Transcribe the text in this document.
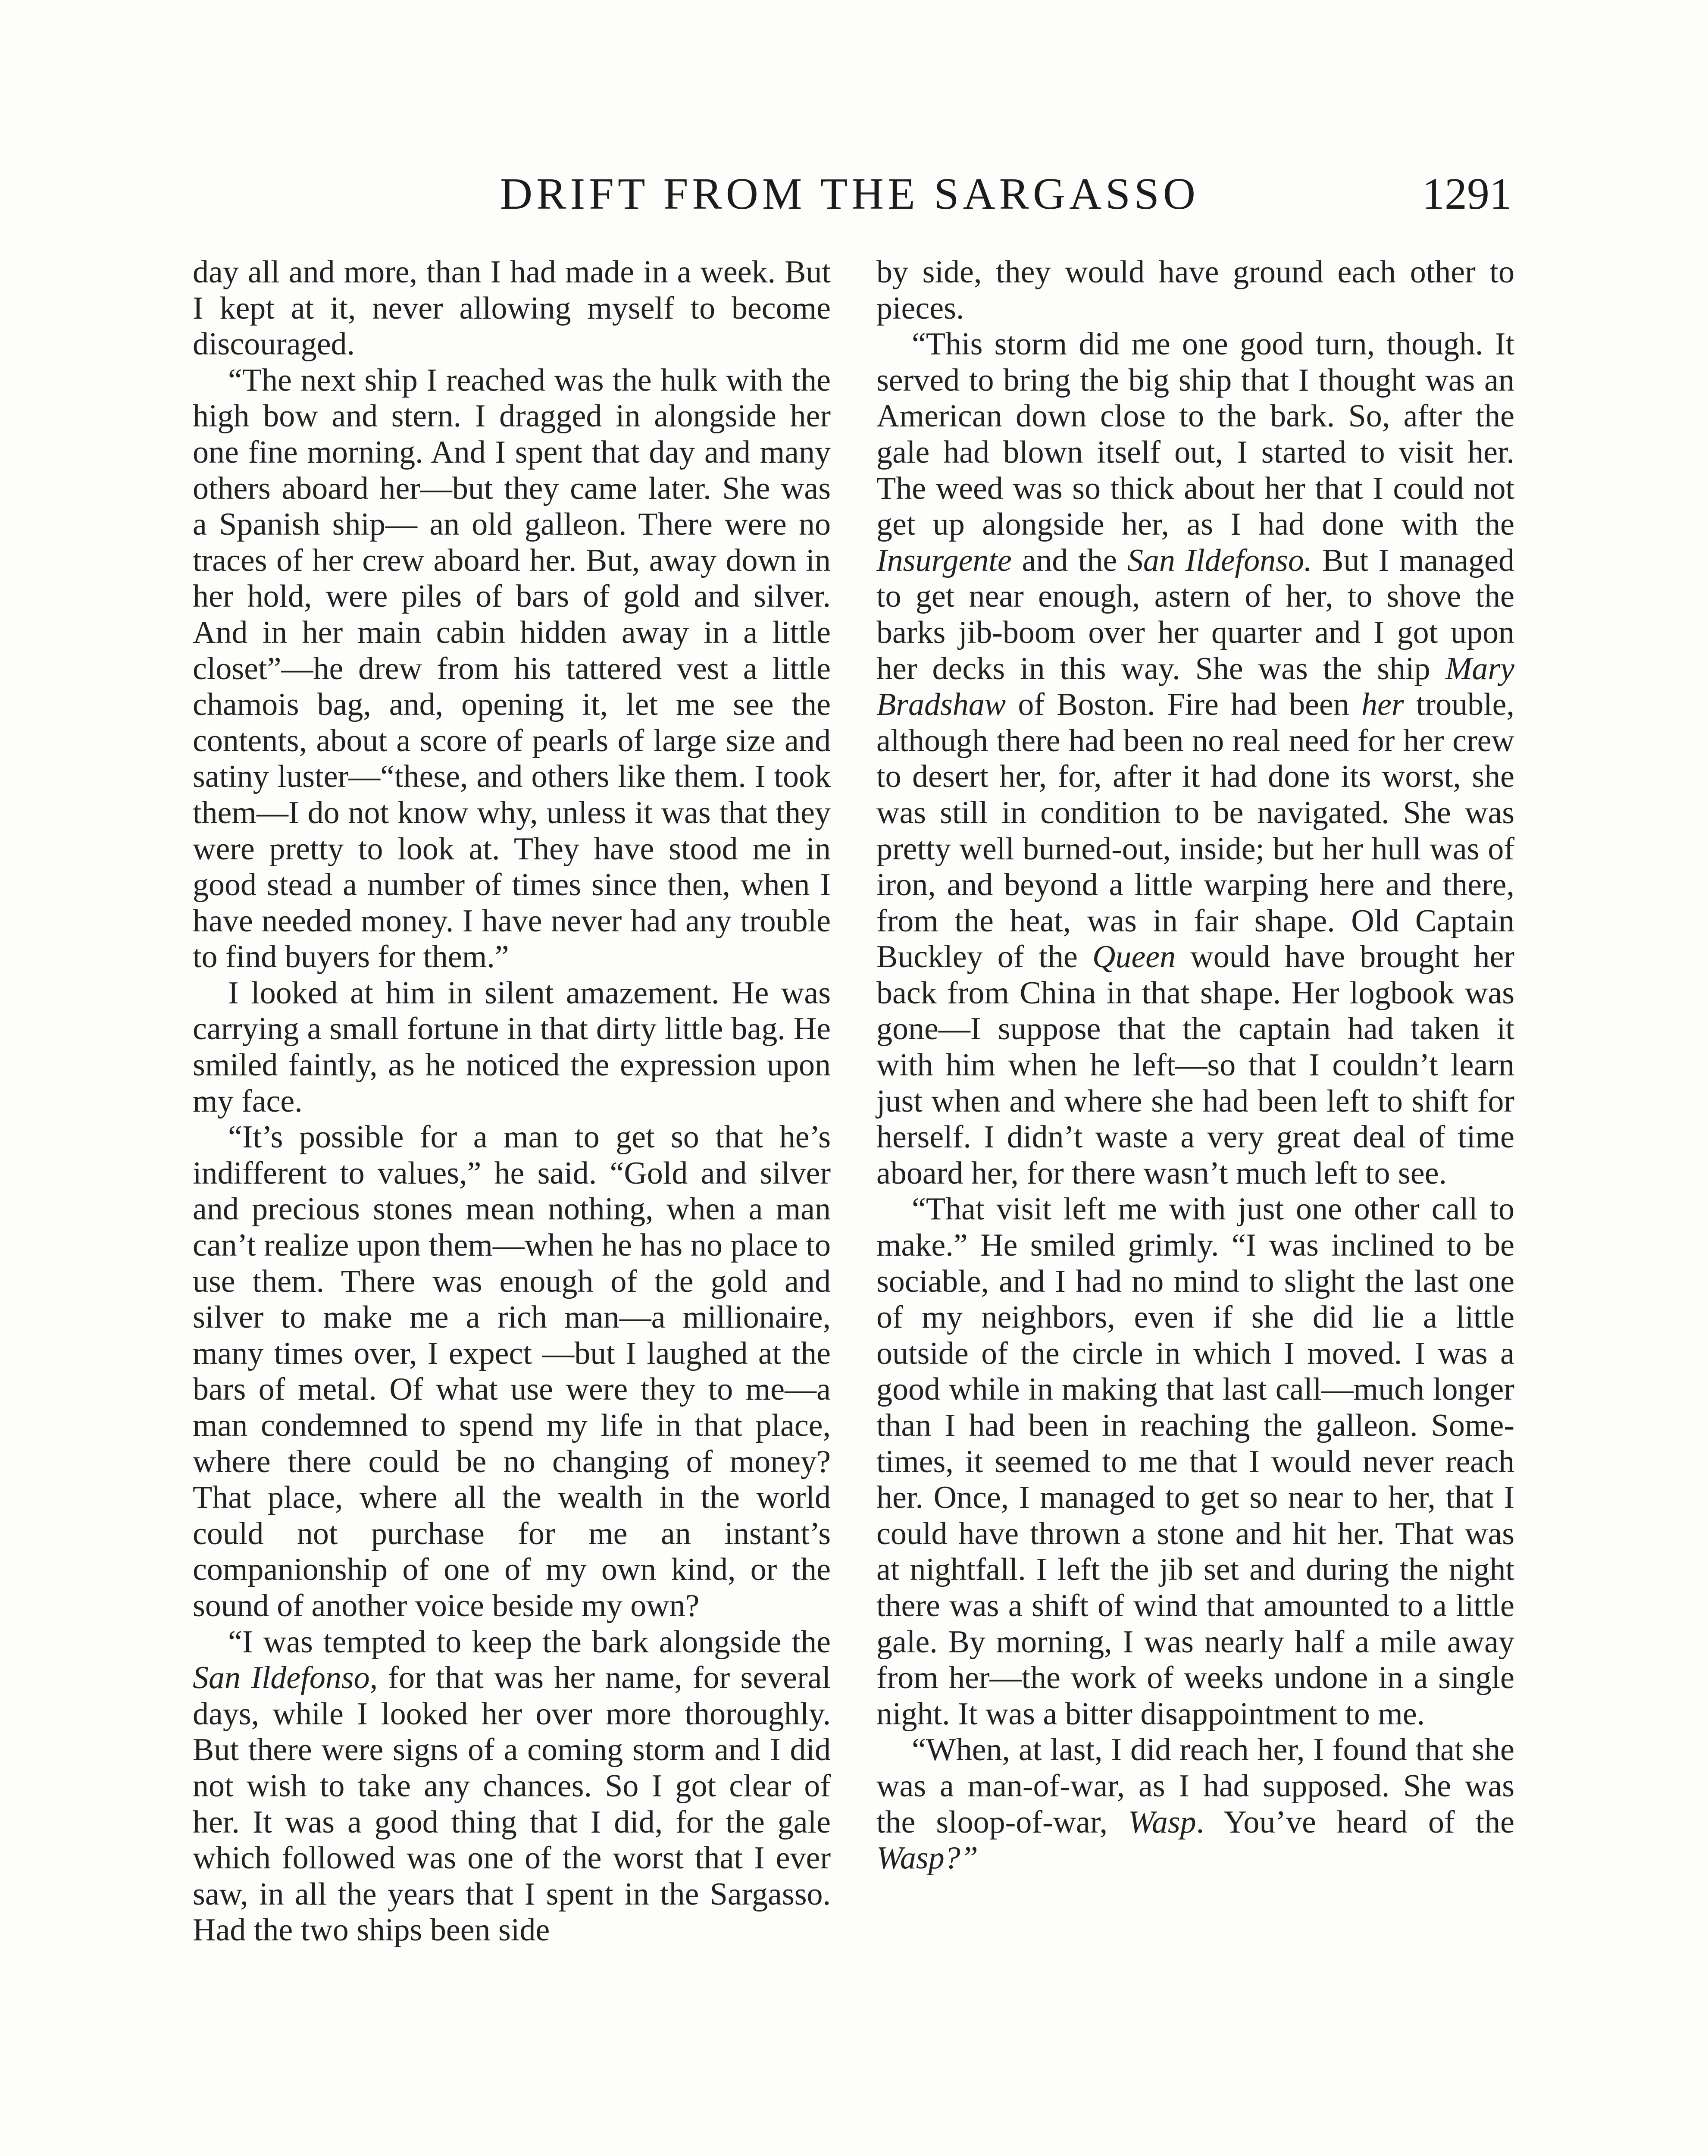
DRIFT FROM THE SARGASSO	1291

day all and more, than I had made in a week. But I kept at it, never allowing myself to become discouraged.

“The next ship I reached was the hulk with the high bow and stern. I dragged in alongside her one fine morning. And I spent that day and many others aboard her—but they came later. She was a Spanish ship— an old galleon. There were no traces of her crew aboard her. But, away down in her hold, were piles of bars of gold and silver. And in her main cabin hidden away in a little closet”—he drew from his tattered vest a little chamois bag, and, opening it, let me see the contents, about a score of pearls of large size and satiny luster—“these, and others like them. I took them—I do not know why, unless it was that they were pretty to look at. They have stood me in good stead a number of times since then, when I have needed money. I have never had any trouble to find buyers for them.”

I looked at him in silent amazement. He was carrying a small fortune in that dirty little bag. He smiled faintly, as he noticed the expression upon my face.

“It’s possible for a man to get so that he’s indifferent to values,” he said. “Gold and silver and precious stones mean nothing, when a man can’t realize upon them—when he has no place to use them. There was enough of the gold and silver to make me a rich man—a millionaire, many times over, I expect —but I laughed at the bars of metal. Of what use were they to me—a man condemned to spend my life in that place, where there could be no changing of money? That place, where all the wealth in the world could not purchase for me an instant’s companionship of one of my own kind, or the sound of another voice beside my own?

“I was tempted to keep the bark alongside the San Ildefonso, for that was her name, for several days, while I looked her over more thoroughly. But there were signs of a coming storm and I did not wish to take any chances. So I got clear of her. It was a good thing that I did, for the gale which followed was one of the worst that I ever saw, in all the years that I spent in the Sargasso. Had the two ships been side

by side, they would have ground each other to pieces.

“This storm did me one good turn, though. It served to bring the big ship that I thought was an American down close to the bark. So, after the gale had blown itself out, I started to visit her. The weed was so thick about her that I could not get up alongside her, as I had done with the Insurgente and the San Ildefonso. But I managed to get near enough, astern of her, to shove the barks jib-boom over her quarter and I got upon her decks in this way. She was the ship Mary Bradshaw of Boston. Fire had been her trouble, although there had been no real need for her crew to desert her, for, after it had done its worst, she was still in condition to be navigated. She was pretty well burned-out, inside; but her hull was of iron, and beyond a little warping here and there, from the heat, was in fair shape. Old Captain Buckley of the Queen would have brought her back from China in that shape. Her logbook was gone—I suppose that the captain had taken it with him when he left—so that I couldn’t learn just when and where she had been left to shift for herself. I didn’t waste a very great deal of time aboard her, for there wasn’t much left to see.

“That visit left me with just one other call to make.” He smiled grimly. “I was inclined to be sociable, and I had no mind to slight the last one of my neighbors, even if she did lie a little outside of the circle in which I moved. I was a good while in making that last call—much longer than I had been in reaching the galleon. Sometimes, it seemed to me that I would never reach her. Once, I managed to get so near to her, that I could have thrown a stone and hit her. That was at nightfall. I left the jib set and during the night there was a shift of wind that amounted to a little gale. By morning, I was nearly half a mile away from her—the work of weeks undone in a single night. It was a bitter disappointment to me.

“When, at last, I did reach her, I found that she was a man-of-war, as I had supposed. She was the sloop-of-war, Wasp. You’ve heard of the Wasp?”
